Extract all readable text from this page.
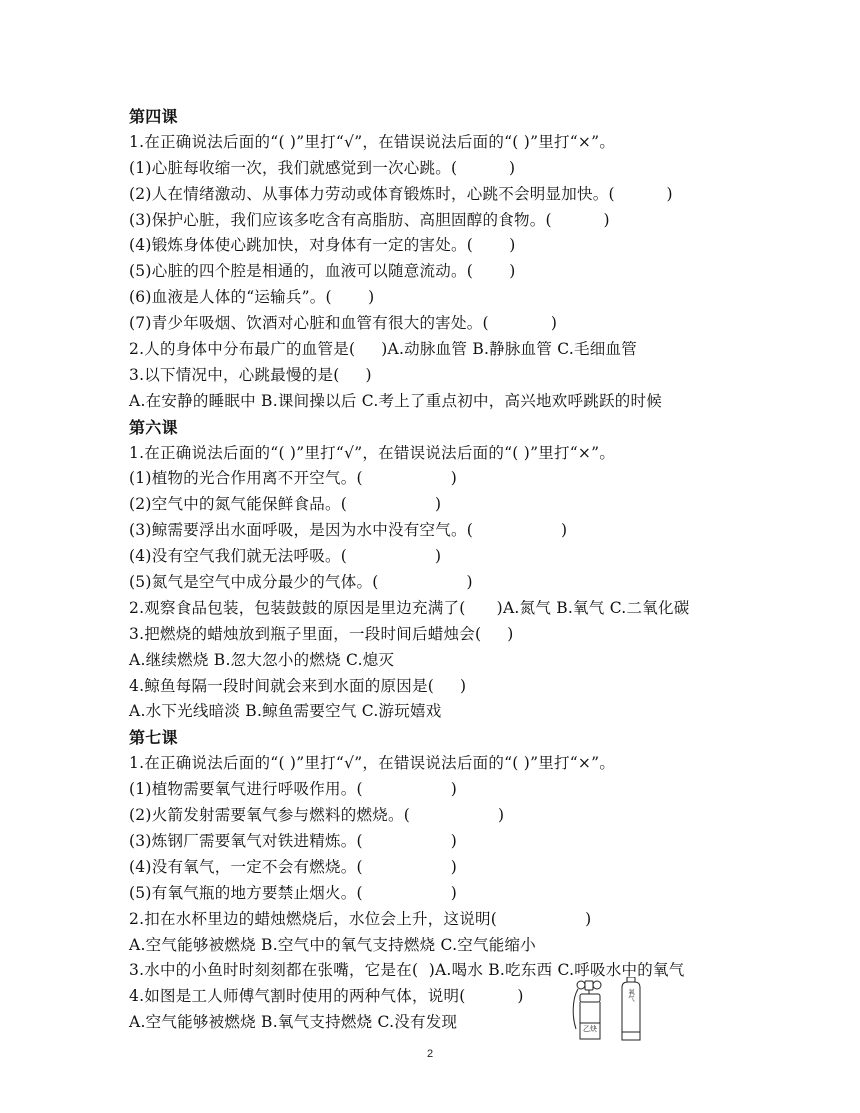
第四课
1.在正确说法后面的“( )”里打“√”，在错误说法后面的“( )”里打“×”。
(1)心脏每收缩一次，我们就感觉到一次心跳。(          )
(2)人在情绪激动、从事体力劳动或体育锻炼时，心跳不会明显加快。(          )
(3)保护心脏，我们应该多吃含有高脂肪、高胆固醇的食物。(          )
(4)锻炼身体使心跳加快，对身体有一定的害处。(       )
(5)心脏的四个腔是相通的，血液可以随意流动。(       )
(6)血液是人体的“运输兵”。(       )
(7)青少年吸烟、饮酒对心脏和血管有很大的害处。(            )
2.人的身体中分布最广的血管是(     )A.动脉血管 B.静脉血管 C.毛细血管
3.以下情况中，心跳最慢的是(     )
A.在安静的睡眠中 B.课间操以后 C.考上了重点初中，高兴地欢呼跳跃的时候
第六课
1.在正确说法后面的“( )”里打“√”，在错误说法后面的“( )”里打“×”。
(1)植物的光合作用离不开空气。(                 )
(2)空气中的氮气能保鲜食品。(                 )
(3)鲸需要浮出水面呼吸，是因为水中没有空气。(                 )
(4)没有空气我们就无法呼吸。(                 )
(5)氮气是空气中成分最少的气体。(                 )
2.观察食品包装，包装鼓鼓的原因是里边充满了(      )A.氮气 B.氧气 C.二氧化碳
3.把燃烧的蜡烛放到瓶子里面，一段时间后蜡烛会(     )
A.继续燃烧 B.忽大忽小的燃烧 C.熄灭
4.鲸鱼每隔一段时间就会来到水面的原因是(     )
A.水下光线暗淡 B.鲸鱼需要空气 C.游玩嬉戏
第七课
1.在正确说法后面的“( )”里打“√”，在错误说法后面的“( )”里打“×”。
(1)植物需要氧气进行呼吸作用。(                 )
(2)火箭发射需要氧气参与燃料的燃烧。(                 )
(3)炼钢厂需要氧气对铁进精炼。(                 )
(4)没有氧气，一定不会有燃烧。(                 )
(5)有氧气瓶的地方要禁止烟火。(                 )
2.扣在水杯里边的蜡烛燃烧后，水位会上升，这说明(                 )
A.空气能够被燃烧 B.空气中的氧气支持燃烧 C.空气能缩小
3.水中的小鱼时时刻刻都在张嘴，它是在(  )A.喝水 B.吃东西 C.呼吸水中的氧气
4.如图是工人师傅气割时使用的两种气体，说明(          )
A.空气能够被燃烧 B.氧气支持燃烧 C.没有发现	乙炔
氧气
2
